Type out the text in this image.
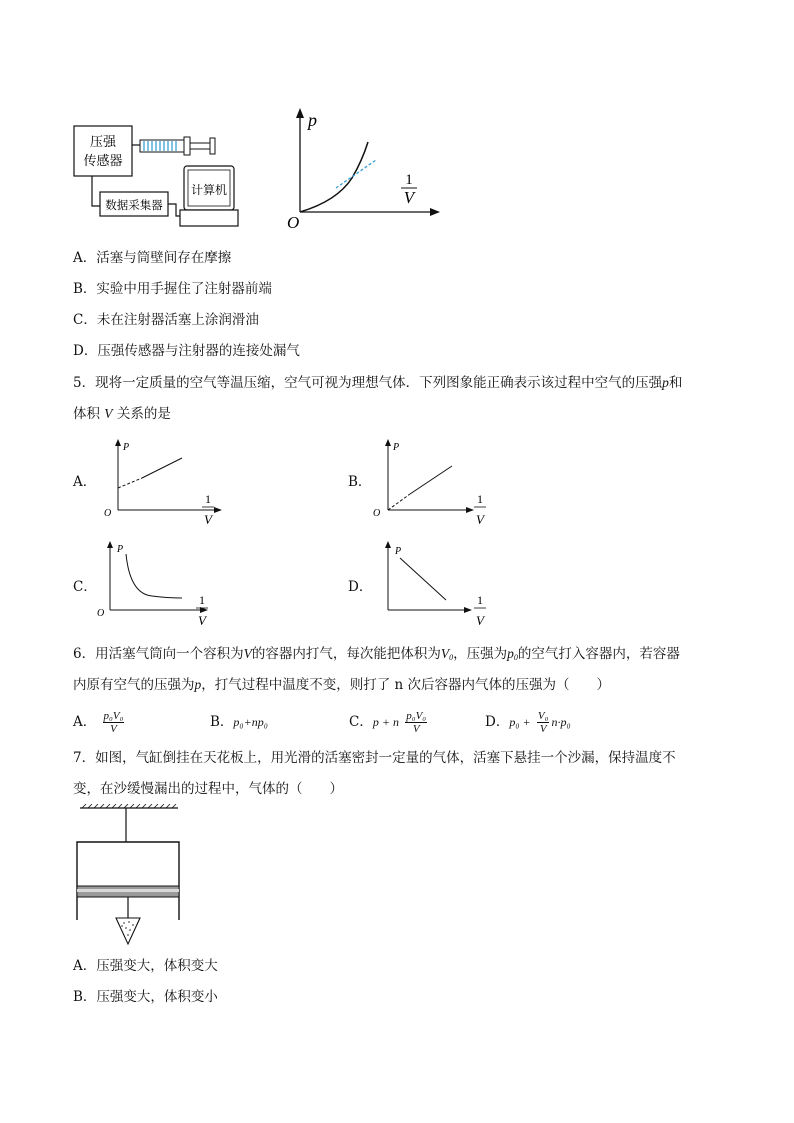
压强
传感器
数据采集器
计算机
p
O
1
V
A．活塞与筒壁间存在摩擦
B．实验中用手握住了注射器前端
C．未在注射器活塞上涂润滑油
D．压强传感器与注射器的连接处漏气
5．现将一定质量的空气等温压缩，空气可视为理想气体．下列图象能正确表示该过程中空气的压强p和
体积 V 关系的是
A．	B．
C．	D．
P
O
1
V
P
O
1
V
P
O
1
V
P
1
V
6．用活塞气筒向一个容积为V的容器内打气，每次能把体积为$V_0$，压强为$p_0$的空气打入容器内，若容器
内原有空气的压强为p，打气过程中温度不变，则打了 n 次后容器内气体的压强为（　　）
A． $\frac{\text{p₀V₀}}{V}$	B．p₀+np₀	C．p + n $\frac{\text{p₀V₀}}{V}$	D．$p_0 + \frac{\text{V₀}}{V} n\cdot p_0$
7．如图，气缸倒挂在天花板上，用光滑的活塞密封一定量的气体，活塞下悬挂一个沙漏，保持温度不
变，在沙缓慢漏出的过程中，气体的（　　）
A．压强变大，体积变大
B．压强变大，体积变小
